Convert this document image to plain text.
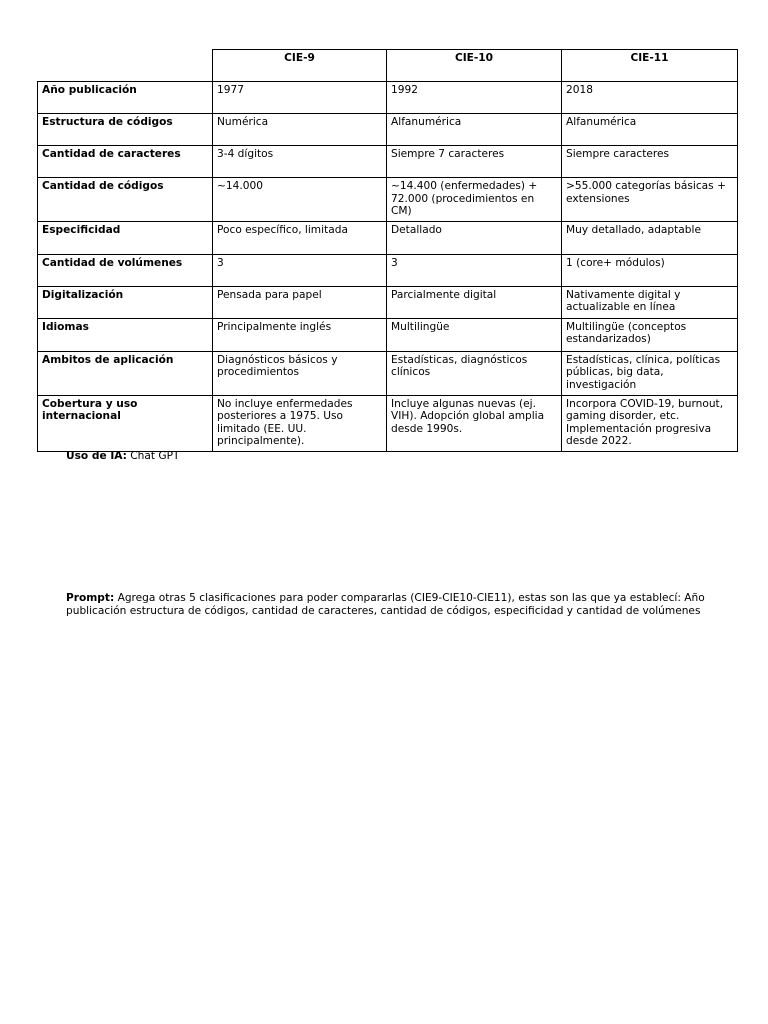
	CIE-9	CIE-10	CIE-11
Año publicación	1977	1992	2018
Estructura de códigos	Numérica	Alfanumérica	Alfanumérica
Cantidad de caracteres	3-4 dígitos	Siempre 7 caracteres	Siempre caracteres
Cantidad de códigos	~14.000	~14.400 (enfermedades) + 72.000 (procedimientos en CM)	>55.000 categorías básicas + extensiones
Especificidad	Poco específico, limitada	Detallado	Muy detallado, adaptable
Cantidad de volúmenes	3	3	1 (core+ módulos)
Digitalización	Pensada para papel	Parcialmente digital	Nativamente digital y actualizable en línea
Idiomas	Principalmente inglés	Multilingüe	Multilingüe (conceptos estandarizados)
Ambitos de aplicación	Diagnósticos básicos y procedimientos	Estadísticas, diagnósticos clínicos	Estadísticas, clínica, políticas públicas, big data, investigación
Cobertura y uso internacional	No incluye enfermedades posteriores a 1975. Uso limitado (EE. UU. principalmente).	Incluye algunas nuevas (ej. VIH). Adopción global amplia desde 1990s.	Incorpora COVID-19, burnout, gaming disorder, etc. Implementación progresiva desde 2022.
Uso de IA: Chat GPT
Prompt: Agrega otras 5 clasificaciones para poder compararlas (CIE9-CIE10-CIE11), estas son las que ya establecí: Año publicación estructura de códigos, cantidad de caracteres, cantidad de códigos, especificidad y cantidad de volúmenes
